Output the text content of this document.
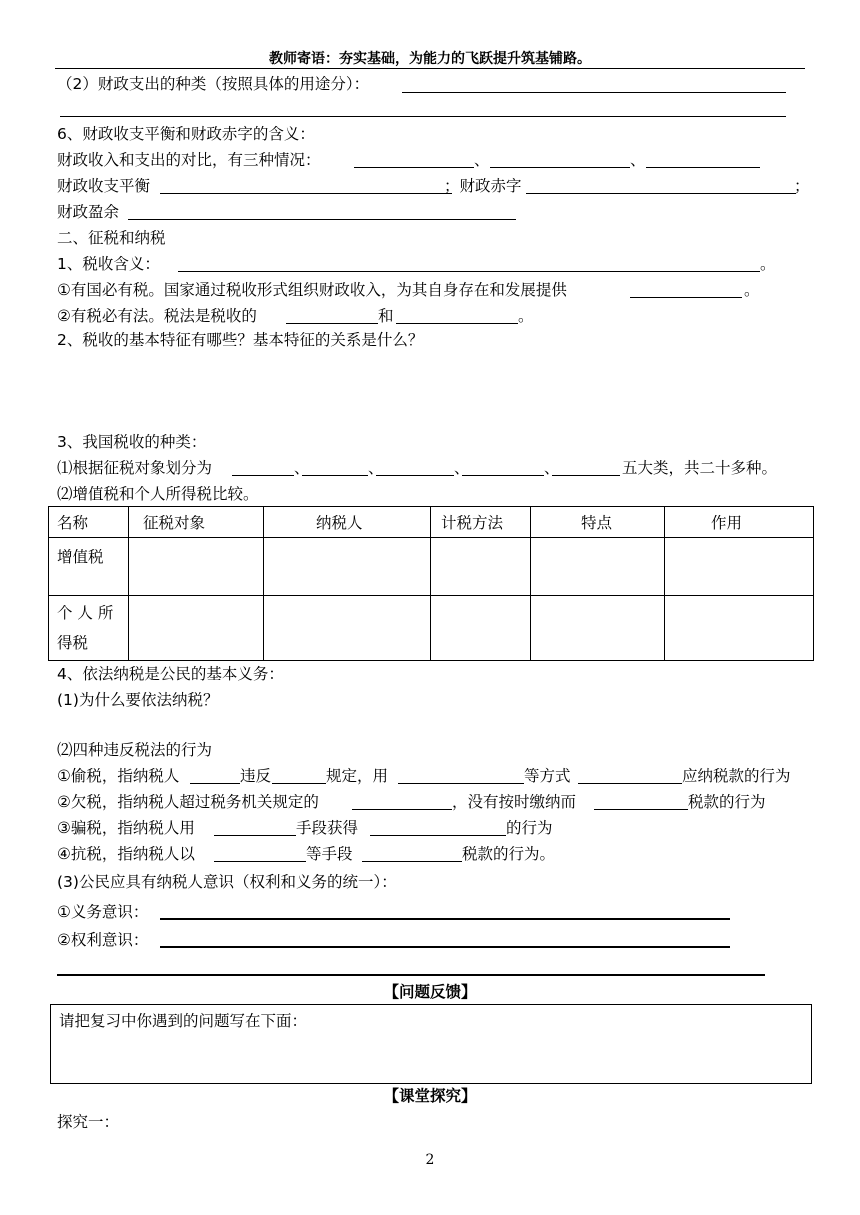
教师寄语：夯实基础，为能力的飞跃提升筑基铺路。
（2）财政支出的种类（按照具体的用途分）：
6、财政收支平衡和财政赤字的含义：
财政收入和支出的对比，有三种情况：	、	、
财政收支平衡	；财政赤字	；
财政盈余
二、征税和纳税
1、税收含义：	。
①有国必有税。国家通过税收形式组织财政收入，为其自身存在和发展提供	。
②有税必有法。税法是税收的	和	。
2、税收的基本特征有哪些？基本特征的关系是什么？
3、我国税收的种类：
⑴根据征税对象划分为	、	、	、	、	五大类，共二十多种。
⑵增值税和个人所得税比较。
名称	征税对象	纳税人	计税方法	特点	作用
增值税					
个 人 所
得税					
4、依法纳税是公民的基本义务：
(1)为什么要依法纳税？
⑵四种违反税法的行为
①偷税，指纳税人	违反	规定，用	等方式	应纳税款的行为
②欠税，指纳税人超过税务机关规定的	，没有按时缴纳而	税款的行为
③骗税，指纳税人用	手段获得	的行为
④抗税，指纳税人以	等手段	税款的行为。
(3)公民应具有纳税人意识（权利和义务的统一）：
①义务意识：
②权利意识：
【问题反馈】
请把复习中你遇到的问题写在下面：
【课堂探究】
探究一：
2
